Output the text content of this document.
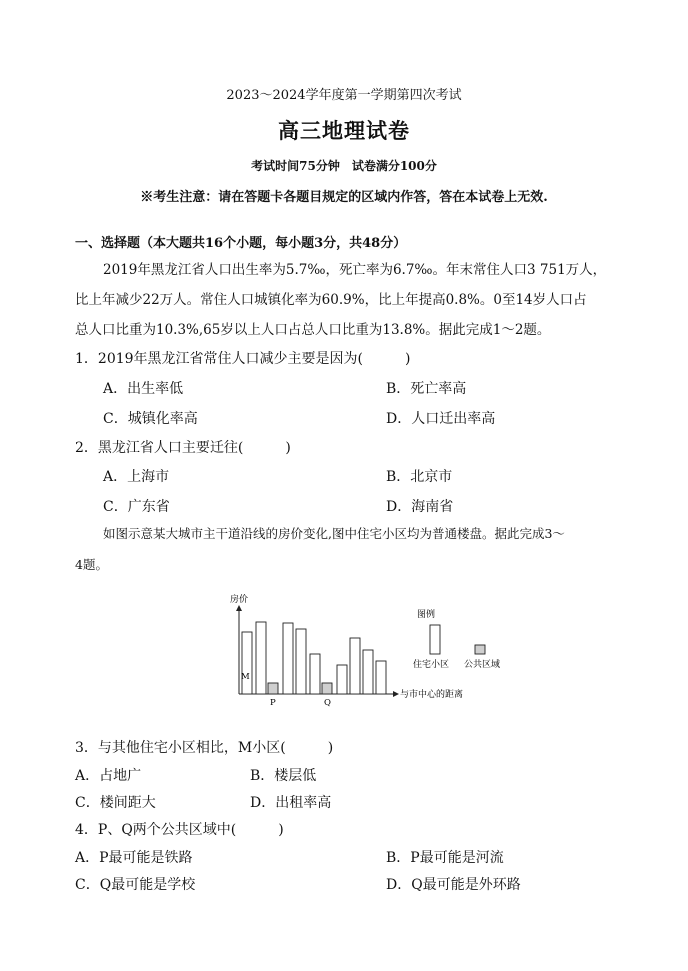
2023～2024学年度第一学期第四次考试
高三地理试卷
考试时间75分钟　试卷满分100分
※考生注意：请在答题卡各题目规定的区域内作答，答在本试卷上无效.
一、选择题（本大题共16个小题，每小题3分，共48分）
2019年黑龙江省人口出生率为5.7‰，死亡率为6.7‰。年末常住人口3 751万人，
比上年减少22万人。常住人口城镇化率为60.9%，比上年提高0.8%。0至14岁人口占
总人口比重为10.3%,65岁以上人口占总人口比重为13.8%。据此完成1～2题。
1．2019年黑龙江省常住人口减少主要是因为(　　　)
A．出生率低	B．死亡率高
C．城镇化率高	D．人口迁出率高
2．黑龙江省人口主要迁往(　　　)
A．上海市	B．北京市
C．广东省	D．海南省
如图示意某大城市主干道沿线的房价变化,图中住宅小区均为普通楼盘。据此完成3～
4题。
房价
与市中心的距离
M
P	Q
图例
住宅小区 公共区域
3．与其他住宅小区相比，M小区(　　　)
A．占地广	B．楼层低
C．楼间距大	D．出租率高
4．P、Q两个公共区域中(　　　)
A．P最可能是铁路	B．P最可能是河流
C．Q最可能是学校	D．Q最可能是外环路
